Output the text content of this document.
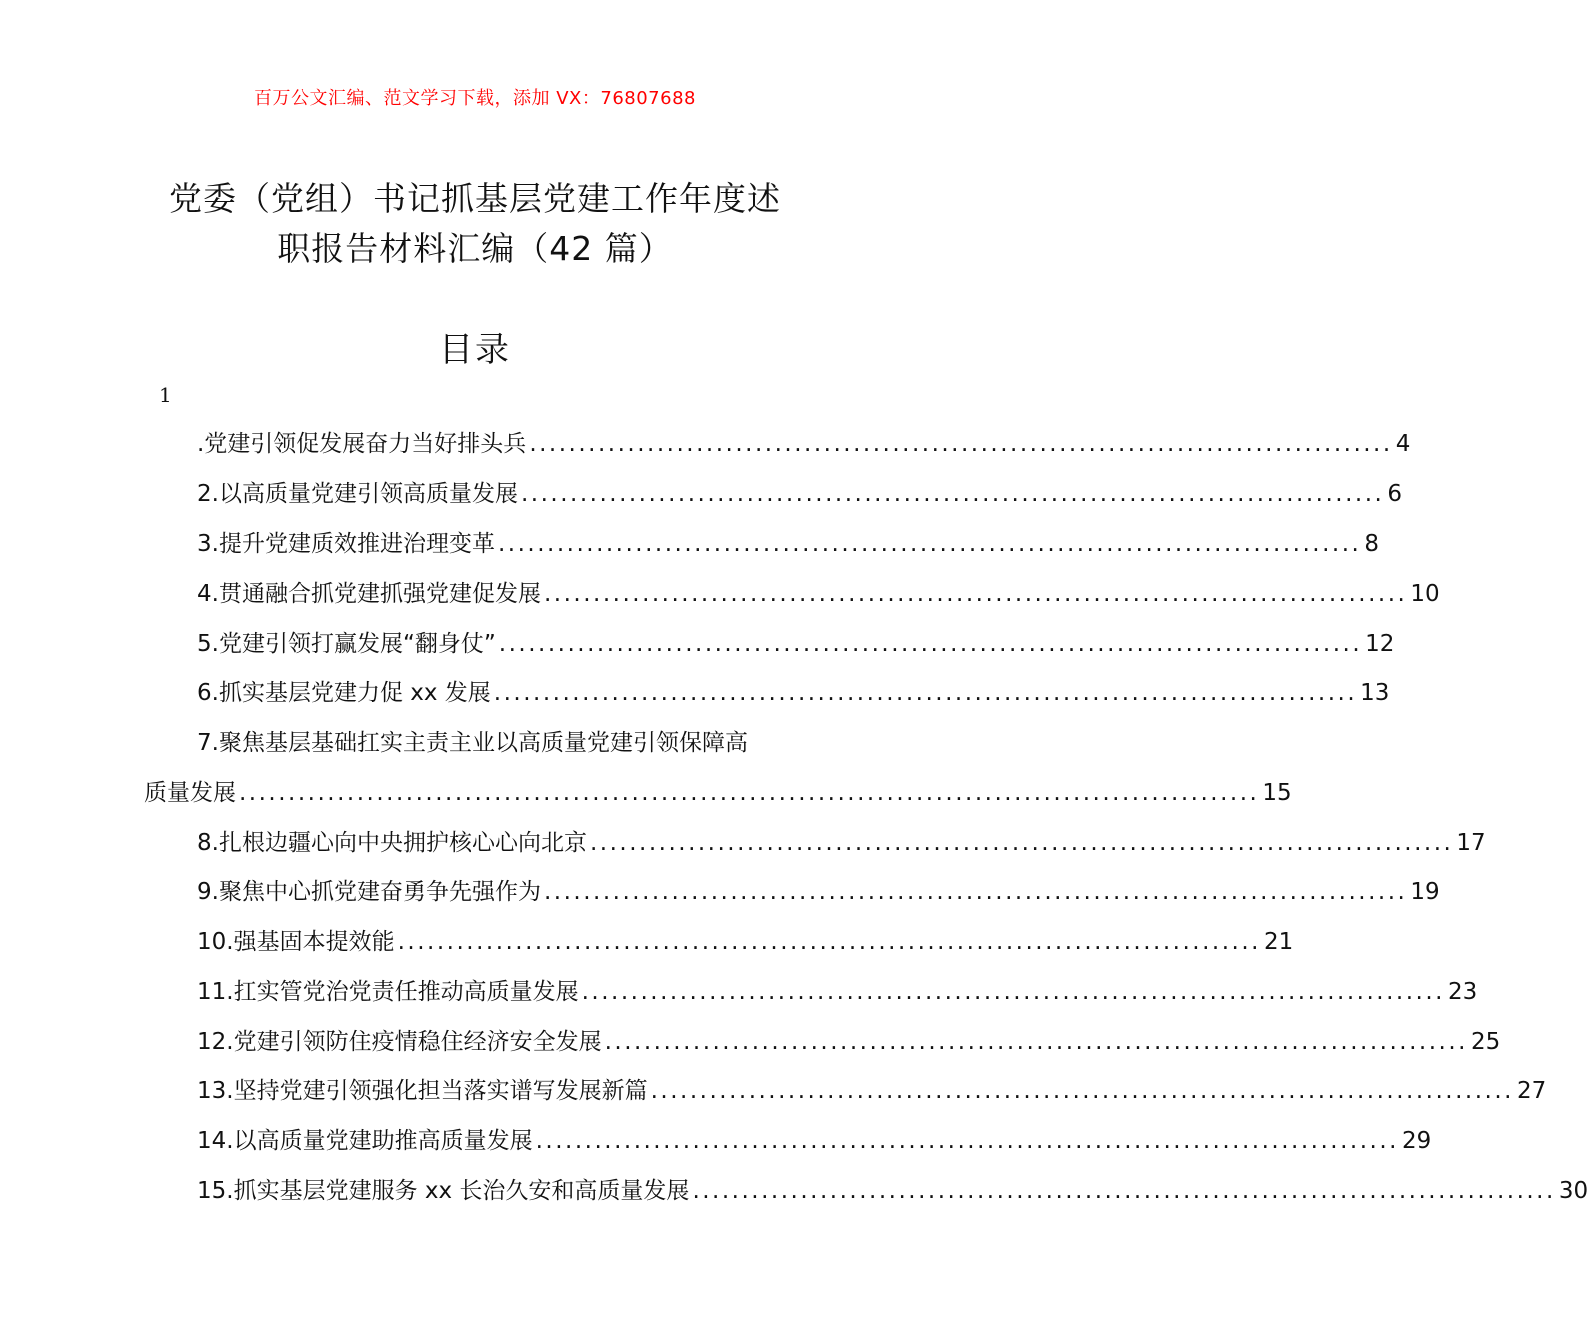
百万公文汇编、范文学习下载，添加 VX：76807688
党委（党组）书记抓基层党建工作年度述
职报告材料汇编（42 篇）
目录
1
.党建引领促发展奋力当好排头兵 ........................................................................................ 4
2.以高质量党建引领高质量发展 ........................................................................................ 6
3.提升党建质效推进治理变革 ........................................................................................ 8
4.贯通融合抓党建抓强党建促发展 ........................................................................................ 10
5.党建引领打赢发展“翻身仗” ........................................................................................ 12
6.抓实基层党建力促 xx 发展 ........................................................................................ 13
7.聚焦基层基础扛实主责主业以高质量党建引领保障高
质量发展 ........................................................................................................ 15
8.扎根边疆心向中央拥护核心心向北京 ........................................................................................ 17
9.聚焦中心抓党建奋勇争先强作为 ........................................................................................ 19
10.强基固本提效能 ........................................................................................ 21
11.扛实管党治党责任推动高质量发展 ........................................................................................ 23
12.党建引领防住疫情稳住经济安全发展 ........................................................................................ 25
13.坚持党建引领强化担当落实谱写发展新篇 ........................................................................................ 27
14.以高质量党建助推高质量发展 ........................................................................................ 29
15.抓实基层党建服务 xx 长治久安和高质量发展 ........................................................................................ 30
